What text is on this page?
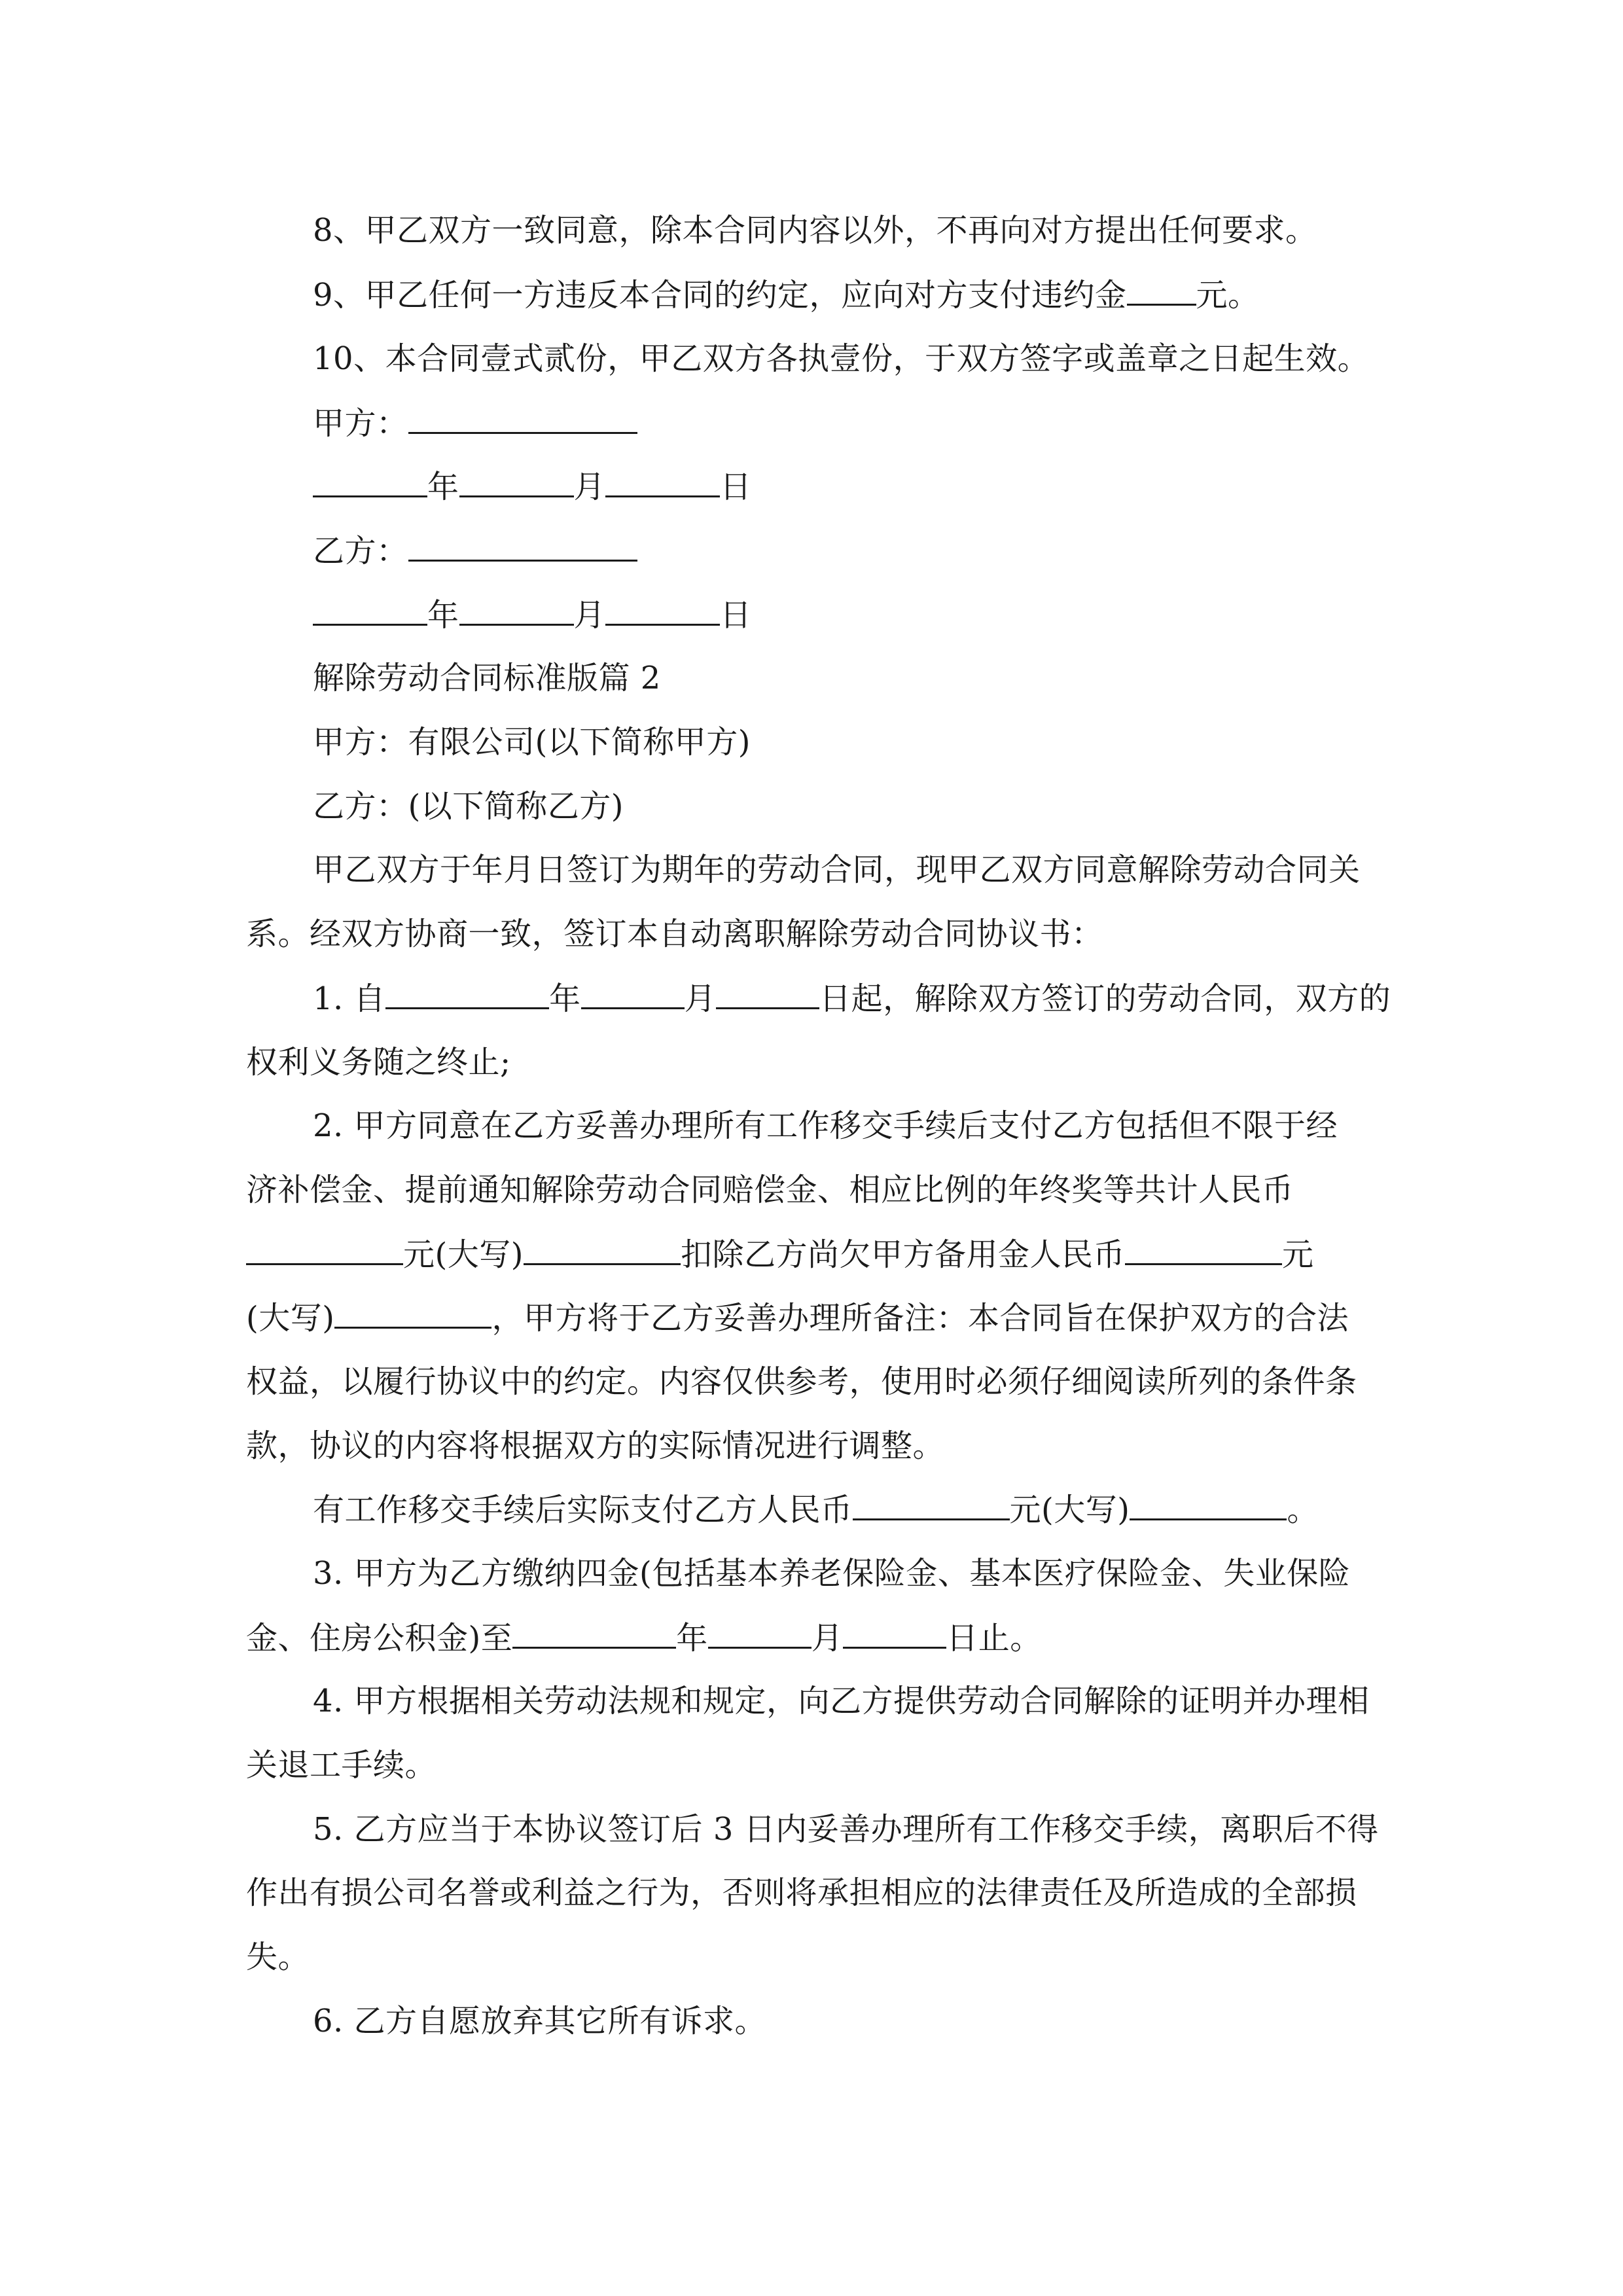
8、甲乙双方一致同意，除本合同内容以外，不再向对方提出任何要求。
9、甲乙任何一方违反本合同的约定，应向对方支付违约金 元。
10、本合同壹式贰份，甲乙双方各执壹份，于双方签字或盖章之日起生效。
甲方：
年	月	日
乙方：
年	月	日
解除劳动合同标准版篇 2
甲方：有限公司(以下简称甲方)
乙方：(以下简称乙方)
甲乙双方于年月日签订为期年的劳动合同，现甲乙双方同意解除劳动合同关
系。经双方协商一致，签订本自动离职解除劳动合同协议书：
1. 自	年	月	日起，解除双方签订的劳动合同，双方的
权利义务随之终止;
2. 甲方同意在乙方妥善办理所有工作移交手续后支付乙方包括但不限于经
济补偿金、提前通知解除劳动合同赔偿金、相应比例的年终奖等共计人民币
元(大写)	扣除乙方尚欠甲方备用金人民币	元
(大写)	，甲方将于乙方妥善办理所备注：本合同旨在保护双方的合法
权益，以履行协议中的约定。内容仅供参考，使用时必须仔细阅读所列的条件条
款，协议的内容将根据双方的实际情况进行调整。
有工作移交手续后实际支付乙方人民币	元(大写)	。
3. 甲方为乙方缴纳四金(包括基本养老保险金、基本医疗保险金、失业保险
金、住房公积金)至	年	月	日止。
4. 甲方根据相关劳动法规和规定，向乙方提供劳动合同解除的证明并办理相
关退工手续。
5. 乙方应当于本协议签订后 3 日内妥善办理所有工作移交手续，离职后不得
作出有损公司名誉或利益之行为，否则将承担相应的法律责任及所造成的全部损
失。
6. 乙方自愿放弃其它所有诉求。
